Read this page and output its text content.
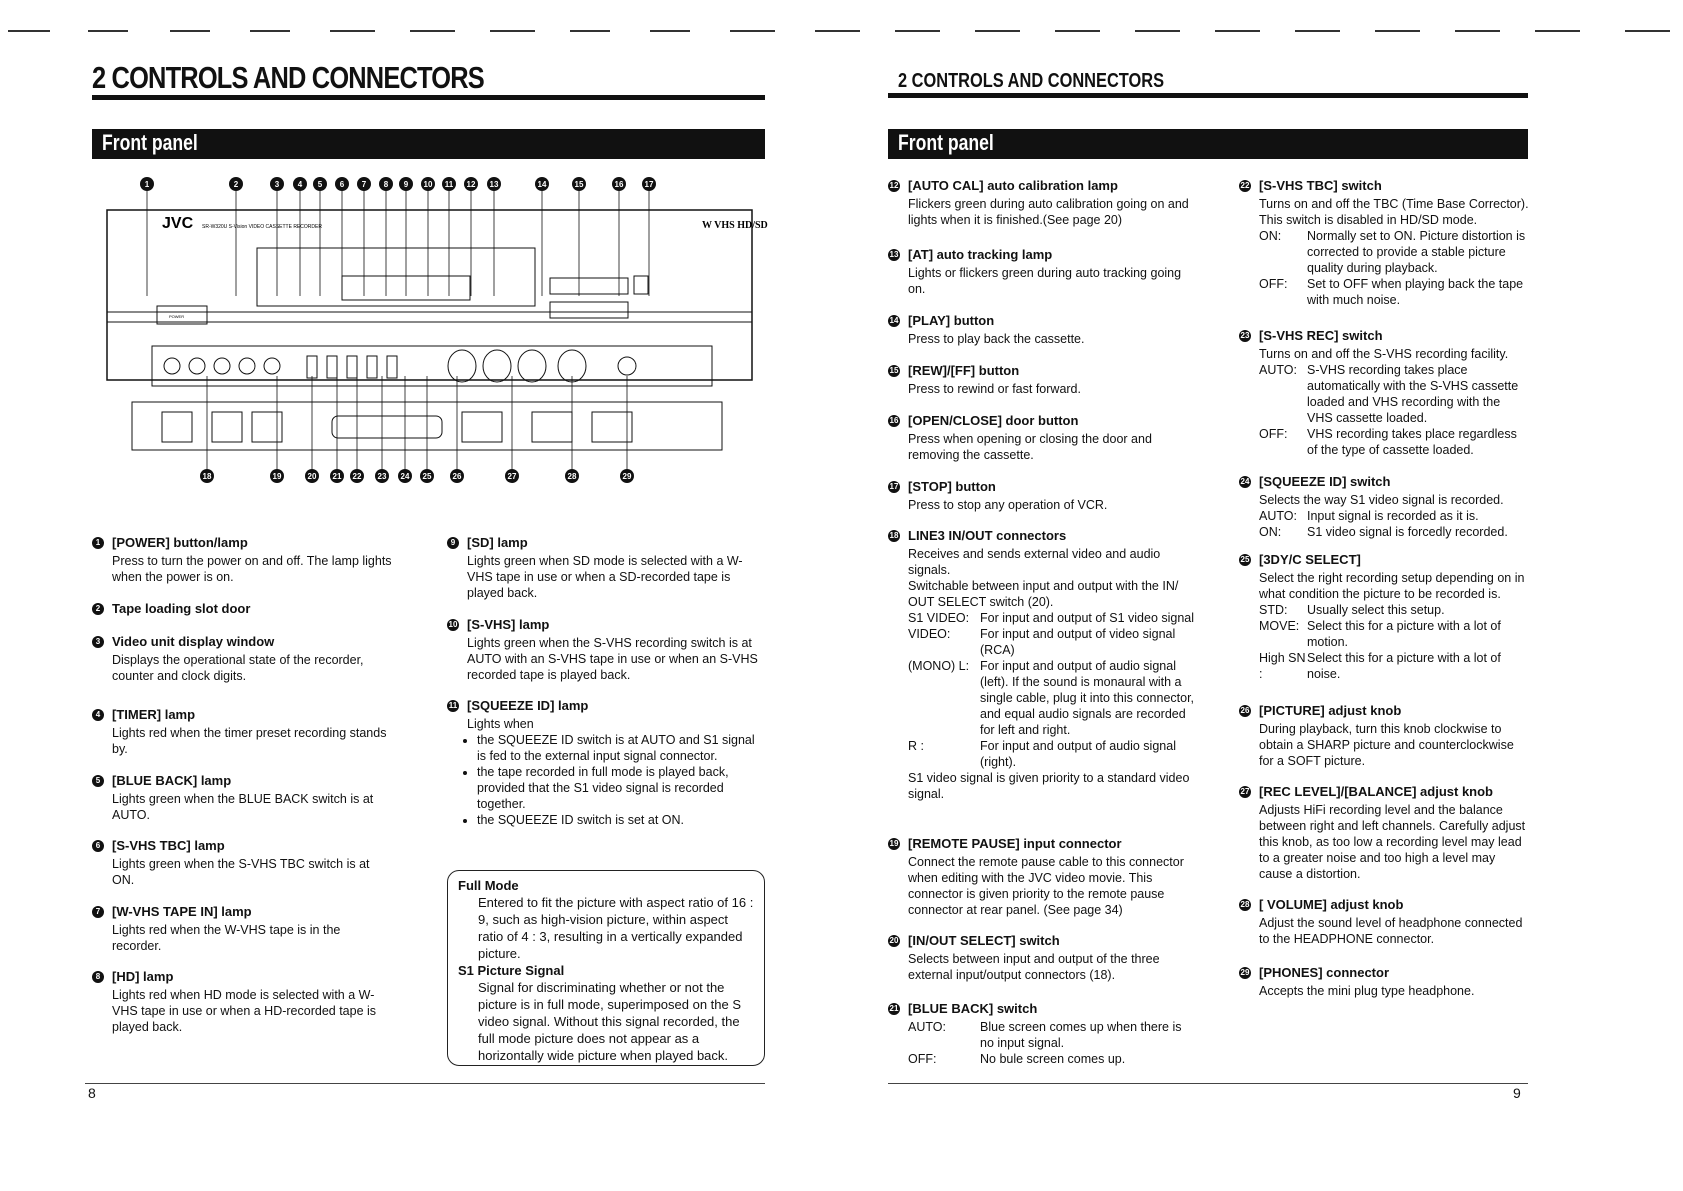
2 CONTROLS AND CONNECTORS
Front panel
1	2	3 4 5 6 7 8 9 10 11 12 13	14	15	16	17
18	19	20 21 22 23 24 25	26	27	28	29
JVC SR-W320U S-Vision VIDEO CASSETTE RECORDER	W VHS HD/SD
POWER
1 [POWER] button/lamp

Press to turn the power on and off. The lamp lights when the power is on.

2 Tape loading slot door
3 Video unit display window

Displays the operational state of the recorder, counter and clock digits.

4 [TIMER] lamp

Lights red when the timer preset recording stands by.

5 [BLUE BACK] lamp

Lights green when the BLUE BACK switch is at AUTO.

6 [S-VHS TBC] lamp

Lights green when the S-VHS TBC switch is at ON.

7 [W-VHS TAPE IN] lamp

Lights red when the W-VHS tape is in the recorder.

8 [HD] lamp

Lights red when HD mode is selected with a W-VHS tape in use or when a HD-recorded tape is played back.

9 [SD] lamp

Lights green when SD mode is selected with a W-VHS tape in use or when a SD-recorded tape is played back.

10 [S-VHS] lamp

Lights green when the S-VHS recording switch is at AUTO with an S-VHS tape in use or when an S-VHS recorded tape is played back.

11 [SQUEEZE ID] lamp

Lights when

• the SQUEEZE ID switch is at AUTO and S1 signal is fed to the external input signal connector.
• the tape recorded in full mode is played back, provided that the S1 video signal is recorded together.
• the SQUEEZE ID switch is set at ON.
Full Mode
Entered to fit the picture with aspect ratio of 16 : 9, such as high-vision picture, within aspect ratio of 4 : 3, resulting in a vertically expanded picture.
S1 Picture Signal
Signal for discriminating whether or not the picture is in full mode, superimposed on the S video signal. Without this signal recorded, the full mode picture does not appear as a horizontally wide picture when played back.
8
2 CONTROLS AND CONNECTORS
Front panel
12 [AUTO CAL] auto calibration lamp

Flickers green during auto calibration going on and lights when it is finished.(See page 20)

13 [AT] auto tracking lamp

Lights or flickers green during auto tracking going on.

14 [PLAY] button

Press to play back the cassette.

15 [REW]/[FF] button

Press to rewind or fast forward.

16 [OPEN/CLOSE] door button

Press when opening or closing the door and removing the cassette.

17 [STOP] button

Press to stop any operation of VCR.

18 LINE3 IN/OUT connectors

Receives and sends external video and audio signals.

Switchable between input and output with the IN/ OUT SELECT switch (20).

S1 VIDEO: For input and output of S1 video signal
VIDEO:	For input and output of video signal (RCA)
(MONO) L: For input and output of audio signal (left). If the sound is monaural with a single cable, plug it into this connector, and equal audio signals are recorded for left and right.
R :	For input and output of audio signal (right).

S1 video signal is given priority to a standard video signal.

19 [REMOTE PAUSE] input connector

Connect the remote pause cable to this connector when editing with the JVC video movie. This connector is given priority to the remote pause connector at rear panel. (See page 34)

20 [IN/OUT SELECT] switch

Selects between input and output of the three external input/output connectors (18).

21 [BLUE BACK] switch
AUTO:	Blue screen comes up when there is no input signal.
OFF:	No bule screen comes up.
22 [S-VHS TBC] switch

Turns on and off the TBC (Time Base Corrector). This switch is disabled in HD/SD mode.

ON:	Normally set to ON. Picture distortion is corrected to provide a stable picture quality during playback.
OFF:	Set to OFF when playing back the tape with much noise.
23 [S-VHS REC] switch

Turns on and off the S-VHS recording facility.

AUTO: S-VHS recording takes place automatically with the S-VHS cassette loaded and VHS recording with the VHS cassette loaded.
OFF:	VHS recording takes place regardless of the type of cassette loaded.
24 [SQUEEZE ID] switch

Selects the way S1 video signal is recorded.

AUTO: Input signal is recorded as it is.
ON:	S1 video signal is forcedly recorded.
25 [3DY/C SELECT]

Select the right recording setup depending on in what condition the picture to be recorded is.

STD:	Usually select this setup.
MOVE: Select this for a picture with a lot of motion.
High SN :
Select this for a picture with a lot of noise.
26 [PICTURE] adjust knob

During playback, turn this knob clockwise to obtain a SHARP picture and counterclockwise for a SOFT picture.

27 [REC LEVEL]/[BALANCE] adjust knob

Adjusts HiFi recording level and the balance between right and left channels. Carefully adjust this knob, as too low a recording level may lead to a greater noise and too high a level may cause a distortion.

28 [ VOLUME] adjust knob

Adjust the sound level of headphone connected to the HEADPHONE connector.

29 [PHONES] connector

Accepts the mini plug type headphone.

9
